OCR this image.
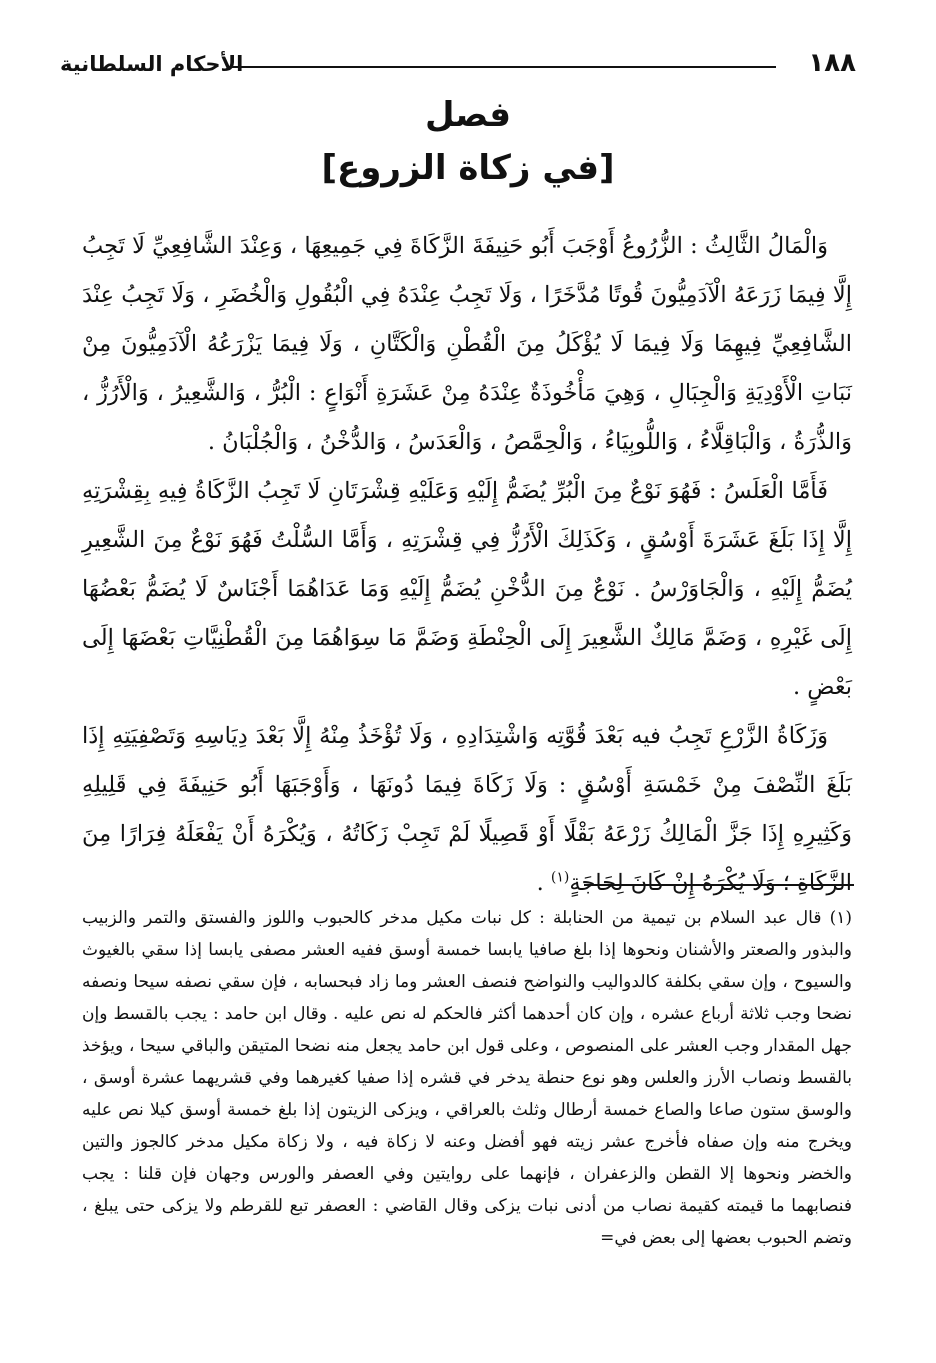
١٨٨
الأحكام السلطانية
فصل
[في زكاة الزروع]

وَالْمَالُ الثَّالِثُ : الزُّرُوعُ أَوْجَبَ أَبُو حَنِيفَةَ الزَّكَاةَ فِي جَمِيعِهَا ، وَعِنْدَ الشَّافِعِيِّ لَا تَجِبُ إِلَّا فِيمَا زَرَعَهُ الْآدَمِيُّونَ قُوتًا مُدَّخَرًا ، وَلَا تَجِبُ عِنْدَهُ فِي الْبُقُولِ وَالْخُضَرِ ، وَلَا تَجِبُ عِنْدَ الشَّافِعِيِّ فِيهِمَا وَلَا فِيمَا لَا يُؤْكَلُ مِنَ الْقُطْنِ وَالْكَتَّانِ ، وَلَا فِيمَا يَزْرَعُهُ الْآدَمِيُّونَ مِنْ نَبَاتِ الْأَوْدِيَةِ وَالْجِبَالِ ، وَهِيَ مَأْخُوذَةٌ عِنْدَهُ مِنْ عَشَرَةِ أَنْوَاعٍ : الْبُرُّ ، وَالشَّعِيرُ ، وَالْأَرُزُّ ، وَالذُّرَةُ ، وَالْبَاقِلَّاءُ ، وَاللُّوبِيَاءُ ، وَالْحِمَّصُ ، وَالْعَدَسُ ، وَالدُّخْنُ ، وَالْجُلْبَانُ .

فَأَمَّا الْعَلَسُ : فَهُوَ نَوْعٌ مِنَ الْبُرِّ يُضَمُّ إِلَيْهِ وَعَلَيْهِ قِشْرَتَانِ لَا تَجِبُ الزَّكَاةُ فِيهِ بِقِشْرَتِهِ إِلَّا إِذَا بَلَغَ عَشَرَةَ أَوْسُقٍ ، وَكَذَلِكَ الْأَرُزُّ فِي قِشْرَتِهِ ، وَأَمَّا السُّلْتُ فَهُوَ نَوْعٌ مِنَ الشَّعِيرِ يُضَمُّ إِلَيْهِ ، وَالْجَاوَرْسُ . نَوْعٌ مِنَ الدُّخْنِ يُضَمُّ إِلَيْهِ وَمَا عَدَاهُمَا أَجْنَاسٌ لَا يُضَمُّ بَعْضُهَا إِلَى غَيْرِهِ ، وَضَمَّ مَالِكٌ الشَّعِيرَ إِلَى الْحِنْطَةِ وَضَمَّ مَا سِوَاهُمَا مِنَ الْقُطْنِيَّاتِ بَعْضَهَا إِلَى بَعْضٍ .

وَزَكَاةُ الزَّرْعِ تَجِبُ فيه بَعْدَ قُوَّتِه وَاشْتِدَادِهِ ، وَلَا تُؤْخَذُ مِنْهُ إِلَّا بَعْدَ دِيَاسِهِ وَتَصْفِيَتِهِ إِذَا بَلَغَ النِّصْفَ مِنْ خَمْسَةِ أَوْسُقٍ : وَلَا زَكَاةَ فِيمَا دُونَهَا ، وَأَوْجَبَهَا أَبُو حَنِيفَةَ فِي قَلِيلِهِ وَكَثِيرِهِ إِذَا جَزَّ الْمَالِكُ زَرْعَهُ بَقْلًا أَوْ قَصِيلًا لَمْ تَجِبْ زَكَاتُهُ ، وَيُكْرَهُ أَنْ يَفْعَلَهُ فِرَارًا مِنَ الزَّكَاةِ ؛ وَلَا يُكْرَهُ إِنْ كَانَ لِحَاجَةٍ$^{(١)}$ .

(١) قال عبد السلام بن تيمية من الحنابلة : كل نبات مكيل مدخر كالحبوب واللوز والفستق والتمر والزبيب والبذور والصعتر والأشنان ونحوها إذا بلغ صافيا يابسا خمسة أوسق ففيه العشر مصفى يابسا إذا سقي بالغيوث والسيوح ، وإن سقي بكلفة كالدواليب والنواضح فنصف العشر وما زاد فبحسابه ، فإن سقي نصفه سيحا ونصفه نضحا وجب ثلاثة أرباع عشره ، وإن كان أحدهما أكثر فالحكم له نص عليه . وقال ابن حامد : يجب بالقسط وإن جهل المقدار وجب العشر على المنصوص ، وعلى قول ابن حامد يجعل منه نضحا المتيقن والباقي سيحا ، ويؤخذ بالقسط ونصاب الأرز والعلس وهو نوع حنطة يدخر في قشره إذا صفيا كغيرهما وفي قشريهما عشرة أوسق ، والوسق ستون صاعا والصاع خمسة أرطال وثلث بالعراقي ، ويزكى الزيتون إذا بلغ خمسة أوسق كيلا نص عليه ويخرج منه وإن صفاه فأخرج عشر زيته فهو أفضل وعنه لا زكاة فيه ، ولا زكاة مكيل مدخر كالجوز والتين والخضر ونحوها إلا القطن والزعفران ، فإنهما على روايتين وفي العصفر والورس وجهان فإن قلنا : يجب فنصابهما ما قيمته كقيمة نصاب من أدنى نبات يزكى وقال القاضي : العصفر تبع للقرطم ولا يزكى حتى يبلغ ، وتضم الحبوب بعضها إلى بعض في=
